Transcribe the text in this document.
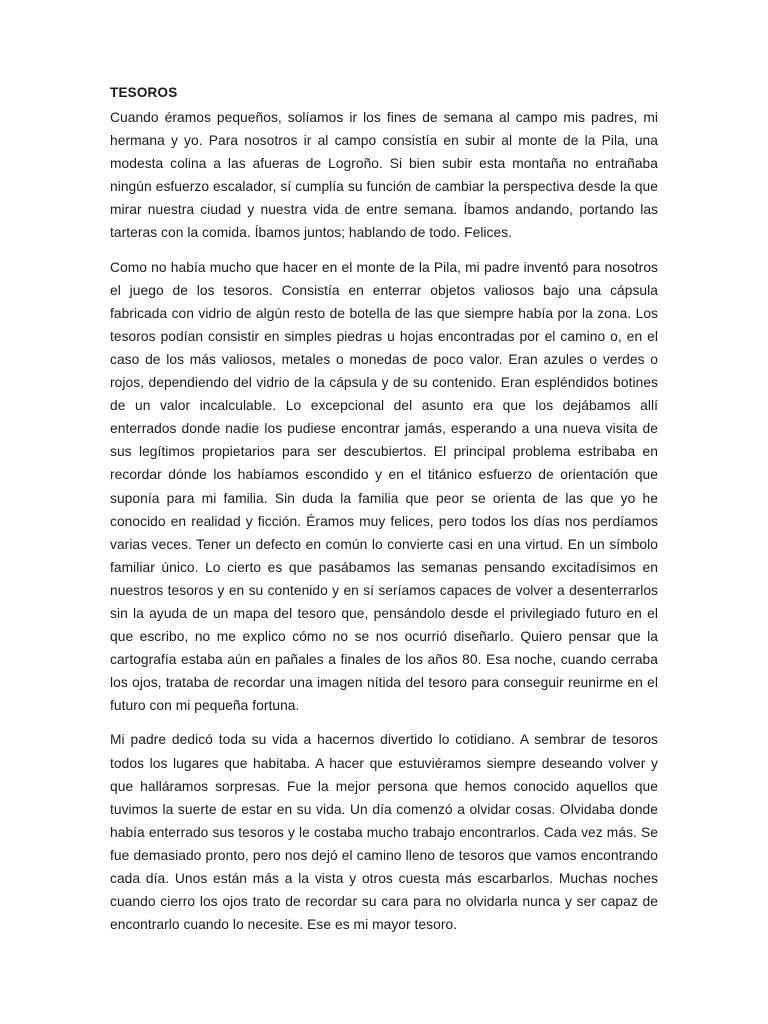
TESOROS

Cuando éramos pequeños, solíamos ir los fines de semana al campo mis padres, mi hermana y yo. Para nosotros ir al campo consistía en subir al monte de la Pila, una modesta colina a las afueras de Logroño. Si bien subir esta montaña no entrañaba ningún esfuerzo escalador, sí cumplía su función de cambiar la perspectiva desde la que mirar nuestra ciudad y nuestra vida de entre semana. Íbamos andando, portando las tarteras con la comida. Íbamos juntos; hablando de todo. Felices.

Como no había mucho que hacer en el monte de la Pila, mi padre inventó para nosotros el juego de los tesoros. Consistía en enterrar objetos valiosos bajo una cápsula fabricada con vidrio de algún resto de botella de las que siempre había por la zona. Los tesoros podían consistir en simples piedras u hojas encontradas por el camino o, en el caso de los más valiosos, metales o monedas de poco valor. Eran azules o verdes o rojos, dependiendo del vidrio de la cápsula y de su contenido. Eran espléndidos botines de un valor incalculable. Lo excepcional del asunto era que los dejábamos allí enterrados donde nadie los pudiese encontrar jamás, esperando a una nueva visita de sus legítimos propietarios para ser descubiertos. El principal problema estribaba en recordar dónde los habíamos escondido y en el titánico esfuerzo de orientación que suponía para mi familia. Sin duda la familia que peor se orienta de las que yo he conocido en realidad y ficción. Éramos muy felices, pero todos los días nos perdíamos varias veces. Tener un defecto en común lo convierte casi en una virtud. En un símbolo familiar único. Lo cierto es que pasábamos las semanas pensando excitadísimos en nuestros tesoros y en su contenido y en sí seríamos capaces de volver a desenterrarlos sin la ayuda de un mapa del tesoro que, pensándolo desde el privilegiado futuro en el que escribo, no me explico cómo no se nos ocurrió diseñarlo. Quiero pensar que la cartografía estaba aún en pañales a finales de los años 80. Esa noche, cuando cerraba los ojos, trataba de recordar una imagen nítida del tesoro para conseguir reunirme en el futuro con mi pequeña fortuna.

Mi padre dedicó toda su vida a hacernos divertido lo cotidiano. A sembrar de tesoros todos los lugares que habitaba. A hacer que estuviéramos siempre deseando volver y que halláramos sorpresas. Fue la mejor persona que hemos conocido aquellos que tuvimos la suerte de estar en su vida. Un día comenzó a olvidar cosas. Olvidaba donde había enterrado sus tesoros y le costaba mucho trabajo encontrarlos. Cada vez más. Se fue demasiado pronto, pero nos dejó el camino lleno de tesoros que vamos encontrando cada día. Unos están más a la vista y otros cuesta más escarbarlos. Muchas noches cuando cierro los ojos trato de recordar su cara para no olvidarla nunca y ser capaz de encontrarlo cuando lo necesite. Ese es mi mayor tesoro.
